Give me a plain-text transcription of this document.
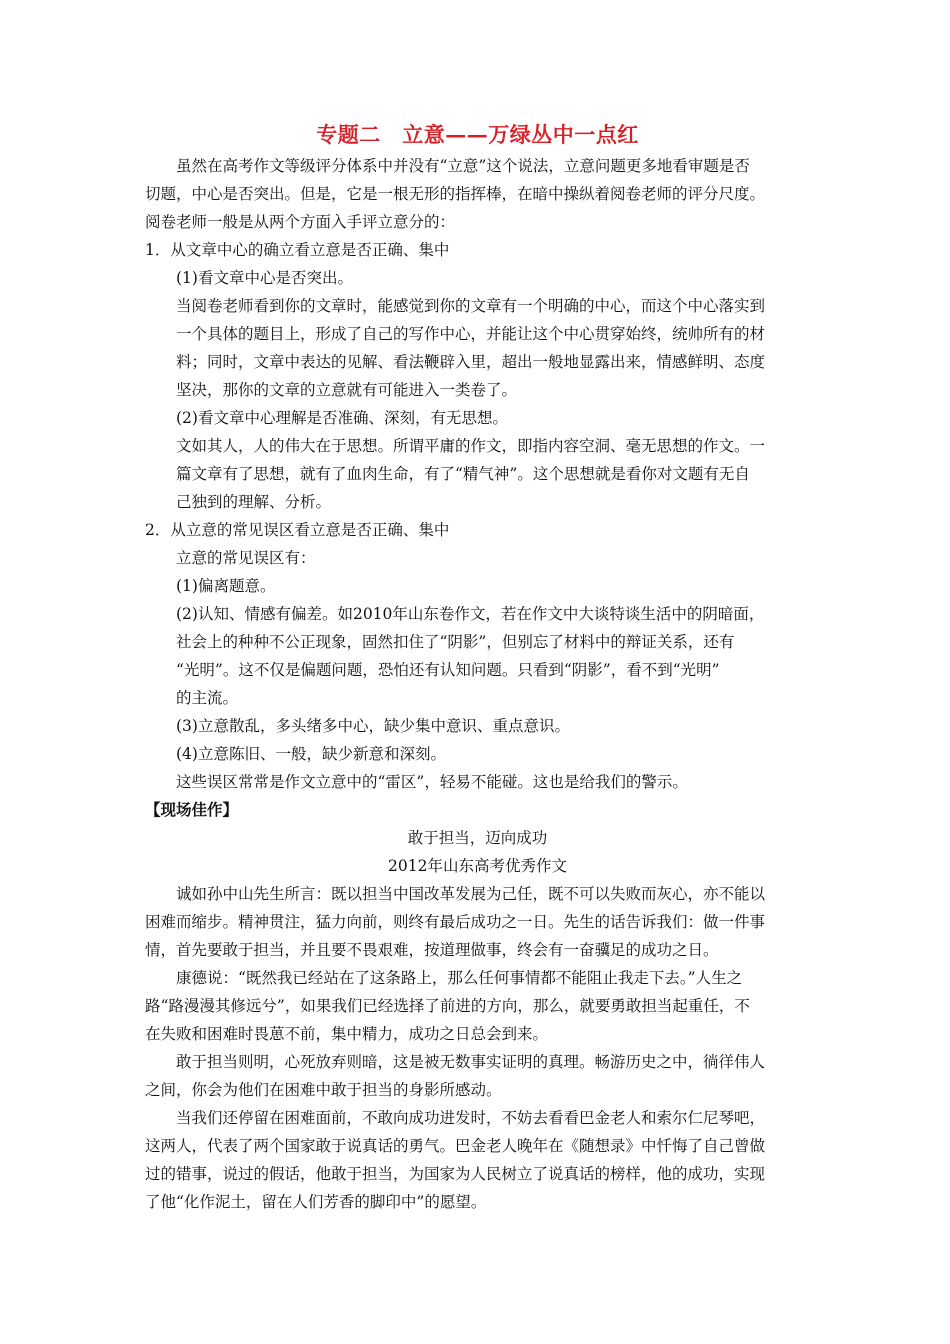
专题二　立意——万绿丛中一点红
虽然在高考作文等级评分体系中并没有“立意”这个说法，立意问题更多地看审题是否
切题，中心是否突出。但是，它是一根无形的指挥棒，在暗中操纵着阅卷老师的评分尺度。
阅卷老师一般是从两个方面入手评立意分的：
1．从文章中心的确立看立意是否正确、集中
(1)看文章中心是否突出。
当阅卷老师看到你的文章时，能感觉到你的文章有一个明确的中心，而这个中心落实到
一个具体的题目上，形成了自己的写作中心，并能让这个中心贯穿始终，统帅所有的材
料；同时，文章中表达的见解、看法鞭辟入里，超出一般地显露出来，情感鲜明、态度
坚决，那你的文章的立意就有可能进入一类卷了。
(2)看文章中心理解是否准确、深刻，有无思想。
文如其人，人的伟大在于思想。所谓平庸的作文，即指内容空洞、毫无思想的作文。一
篇文章有了思想，就有了血肉生命，有了“精气神”。这个思想就是看你对文题有无自
己独到的理解、分析。
2．从立意的常见误区看立意是否正确、集中
立意的常见误区有：
(1)偏离题意。
(2)认知、情感有偏差。如2010年山东卷作文，若在作文中大谈特谈生活中的阴暗面，
社会上的种种不公正现象，固然扣住了“阴影”，但别忘了材料中的辩证关系，还有
“光明”。这不仅是偏题问题，恐怕还有认知问题。只看到“阴影”，看不到“光明”
的主流。
(3)立意散乱，多头绪多中心，缺少集中意识、重点意识。
(4)立意陈旧、一般，缺少新意和深刻。
这些误区常常是作文立意中的“雷区”，轻易不能碰。这也是给我们的警示。
【现场佳作】
敢于担当，迈向成功
2012年山东高考优秀作文
诚如孙中山先生所言：既以担当中国改革发展为己任，既不可以失败而灰心，亦不能以
困难而缩步。精神贯注，猛力向前，则终有最后成功之一日。先生的话告诉我们：做一件事
情，首先要敢于担当，并且要不畏艰难，按道理做事，终会有一奋骥足的成功之日。
康德说：“既然我已经站在了这条路上，那么任何事情都不能阻止我走下去。”人生之
路“路漫漫其修远兮”，如果我们已经选择了前进的方向，那么，就要勇敢担当起重任，不
在失败和困难时畏葸不前，集中精力，成功之日总会到来。
敢于担当则明，心死放弃则暗，这是被无数事实证明的真理。畅游历史之中，徜徉伟人
之间，你会为他们在困难中敢于担当的身影所感动。
当我们还停留在困难面前，不敢向成功进发时，不妨去看看巴金老人和索尔仁尼琴吧，
这两人，代表了两个国家敢于说真话的勇气。巴金老人晚年在《随想录》中忏悔了自己曾做
过的错事，说过的假话，他敢于担当，为国家为人民树立了说真话的榜样，他的成功，实现
了他“化作泥土，留在人们芳香的脚印中”的愿望。
